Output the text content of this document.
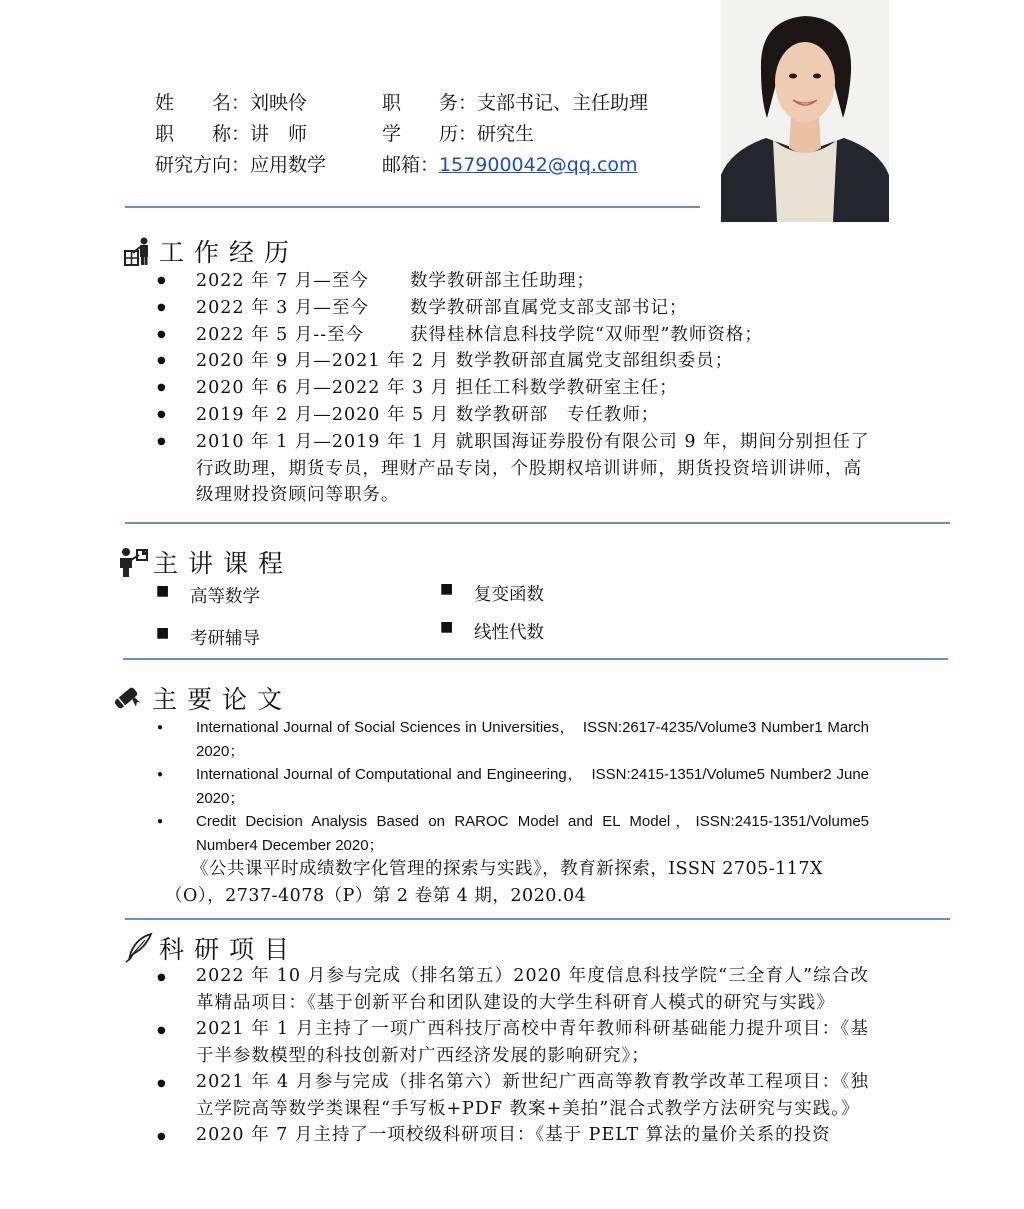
姓　　名：刘映伶	职　　务：支部书记、主任助理
职　　称：讲　师	学　　历：研究生
研究方向：应用数学	邮箱：157900042@qq.com
工作经历
● 2022 年 7 月—至今 数学教研部主任助理；
● 2022 年 3 月—至今 数学教研部直属党支部支部书记；
● 2022 年 5 月--至今	获得桂林信息科技学院“双师型”教师资格；
● 2020 年 9 月—2021 年 2 月 数学教研部直属党支部组织委员；
● 2020 年 6 月—2022 年 3 月 担任工科数学教研室主任；
● 2019 年 2 月—2020 年 5 月 数学教研部　专任教师；
● 2010 年 1 月—2019 年 1 月 就职国海证券股份有限公司 9 年，期间分别担任了行政助理，期货专员，理财产品专岗，个股期权培训讲师，期货投资培训讲师，高级理财投资顾问等职务。
主讲课程
■ 高等数学	■ 复变函数
■ 考研辅导	■ 线性代数
主要论文
● International Journal of Social Sciences in Universities，　ISSN:2617-4235/Volume3 Number1 March 2020；
● International Journal of Computational and Engineering，　ISSN:2415-1351/Volume5 Number2 June 2020；
● Credit Decision Analysis Based on RAROC Model and EL Model，ISSN:2415-1351/Volume5 Number4 December 2020；
《公共课平时成绩数字化管理的探索与实践》，教育新探索，ISSN 2705-117X（O），2737-4078（P）第 2 卷第 4 期，2020.04
科研项目
● 2022 年 10 月参与完成（排名第五）2020 年度信息科技学院“三全育人”综合改革精品项目：《基于创新平台和团队建设的大学生科研育人模式的研究与实践》
● 2021 年 1 月主持了一项广西科技厅高校中青年教师科研基础能力提升项目：《基于半参数模型的科技创新对广西经济发展的影响研究》；
● 2021 年 4 月参与完成（排名第六）新世纪广西高等教育教学改革工程项目：《独立学院高等数学类课程“手写板+PDF 教案+美拍”混合式教学方法研究与实践。》
● 2020 年 7 月主持了一项校级科研项目：《基于 PELT 算法的量价关系的投资
